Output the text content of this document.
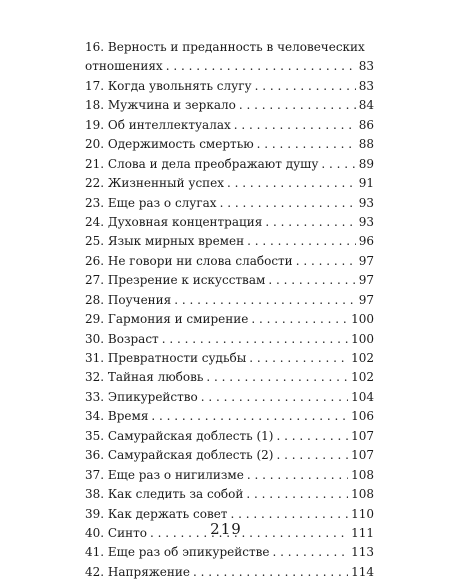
16. Верность и преданность в человеческих
отношениях . . .	83
17. Когда увольнять слугу . . .	83
18. Мужчина и зеркало . . .	84
19. Об интеллектуалах . . .	86
20. Одержимость смертью . . .	88
21. Слова и дела преображают душу . . .	89
22. Жизненный успех . . .	91
23. Еще раз о слугах . . .	93
24. Духовная концентрация . . .	93
25. Язык мирных времен . . .	96
26. Не говори ни слова слабости . . .	97
27. Презрение к искусствам . . .	97
28. Поучения . . .	97
29. Гармония и смирение . . .	100
30. Возраст . . .	100
31. Превратности судьбы . . .	102
32. Тайная любовь . . .	102
33. Эпикурейство . . .	104
34. Время . . .	106
35. Самурайская доблесть (1) . . .	107
36. Самурайская доблесть (2) . . .	107
37. Еще раз о нигилизме . . .	108
38. Как следить за собой . . .	108
39. Как держать совет . . .	110
40. Синто . . .	111
41. Еще раз об эпикурействе . . .	113
42. Напряжение . . .	114
219
